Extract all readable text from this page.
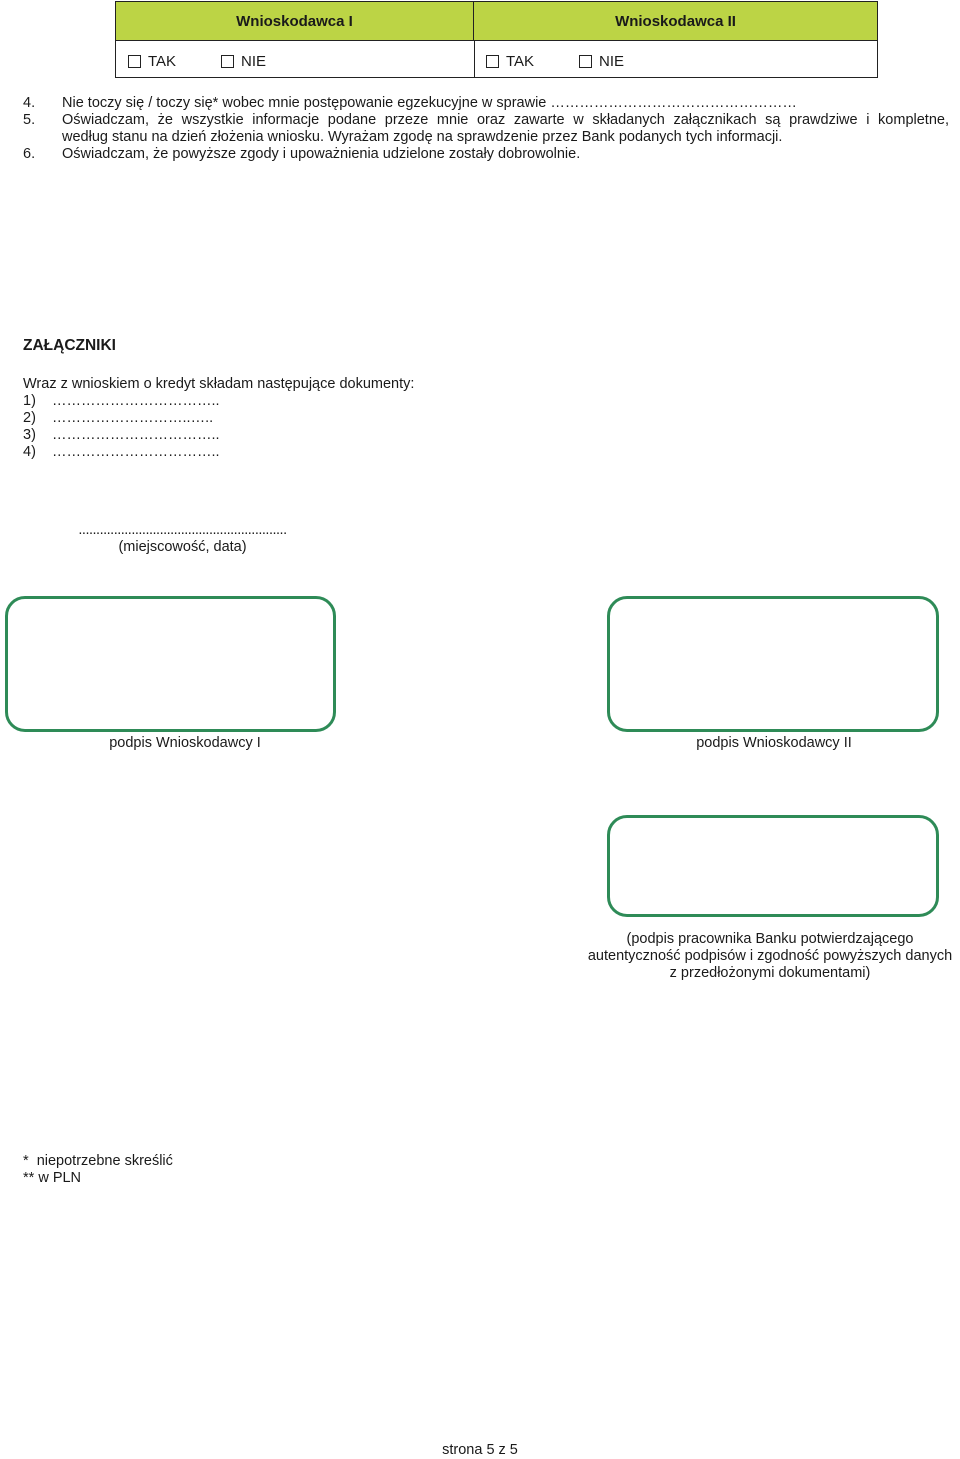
Wnioskodawca I	Wnioskodawca II
TAK	NIE	TAK	NIE
4. Nie toczy się / toczy się* wobec mnie postępowanie egzekucyjne w sprawie ……………………………………………
5. Oświadczam, że wszystkie informacje podane przeze mnie oraz zawarte w składanych załącznikach są prawdziwe i kompletne,
według stanu na dzień złożenia wniosku. Wyrażam zgodę na sprawdzenie przez Bank podanych tych informacji.
6. Oświadczam, że powyższe zgody i upoważnienia udzielone zostały dobrowolnie.
ZAŁĄCZNIKI
Wraz z wnioskiem o kredyt składam następujące dokumenty:
1)    ……………………………..
2)    ………………………..…..
3)    ……………………………..
4)    ……………………………..
...........................................................
(miejscowość, data)
podpis Wnioskodawcy I	podpis Wnioskodawcy II
(podpis pracownika Banku potwierdzającego
autentyczność podpisów i zgodność powyższych danych
z przedłożonymi dokumentami)
*  niepotrzebne skreślić
** w PLN
strona 5 z 5
